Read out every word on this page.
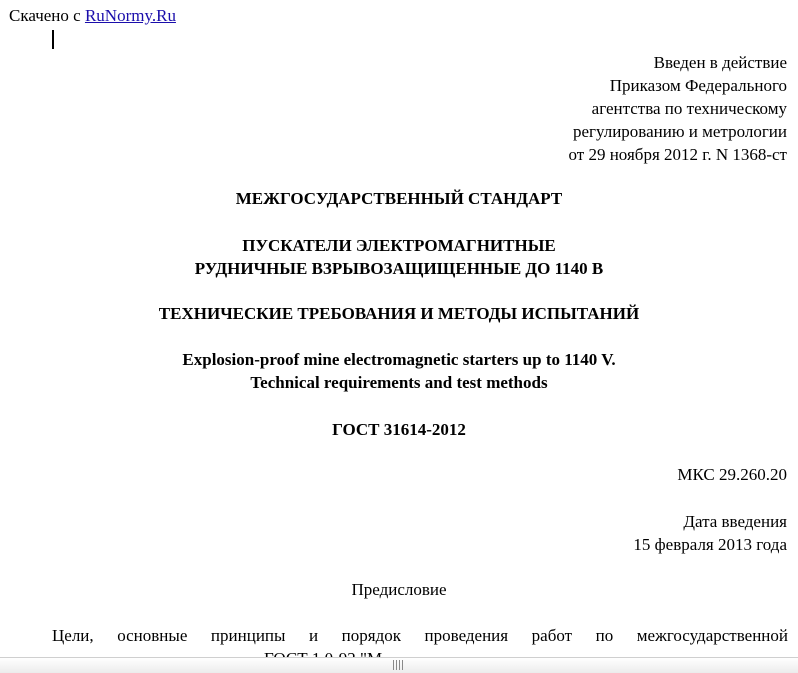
Скачено с RuNormy.Ru
Введен в действие
Приказом Федерального
агентства по техническому
регулированию и метрологии
от 29 ноября 2012 г. N 1368-ст
МЕЖГОСУДАРСТВЕННЫЙ СТАНДАРТ
ПУСКАТЕЛИ ЭЛЕКТРОМАГНИТНЫЕ
РУДНИЧНЫЕ ВЗРЫВОЗАЩИЩЕННЫЕ ДО 1140 В
ТЕХНИЧЕСКИЕ ТРЕБОВАНИЯ И МЕТОДЫ ИСПЫТАНИЙ
Explosion-proof mine electromagnetic starters up to 1140 V.
Technical requirements and test methods
ГОСТ 31614-2012
МКС 29.260.20
Дата введения
15 февраля 2013 года
Предисловие
Цели, основные принципы и порядок проведения работ по межгосударственной
